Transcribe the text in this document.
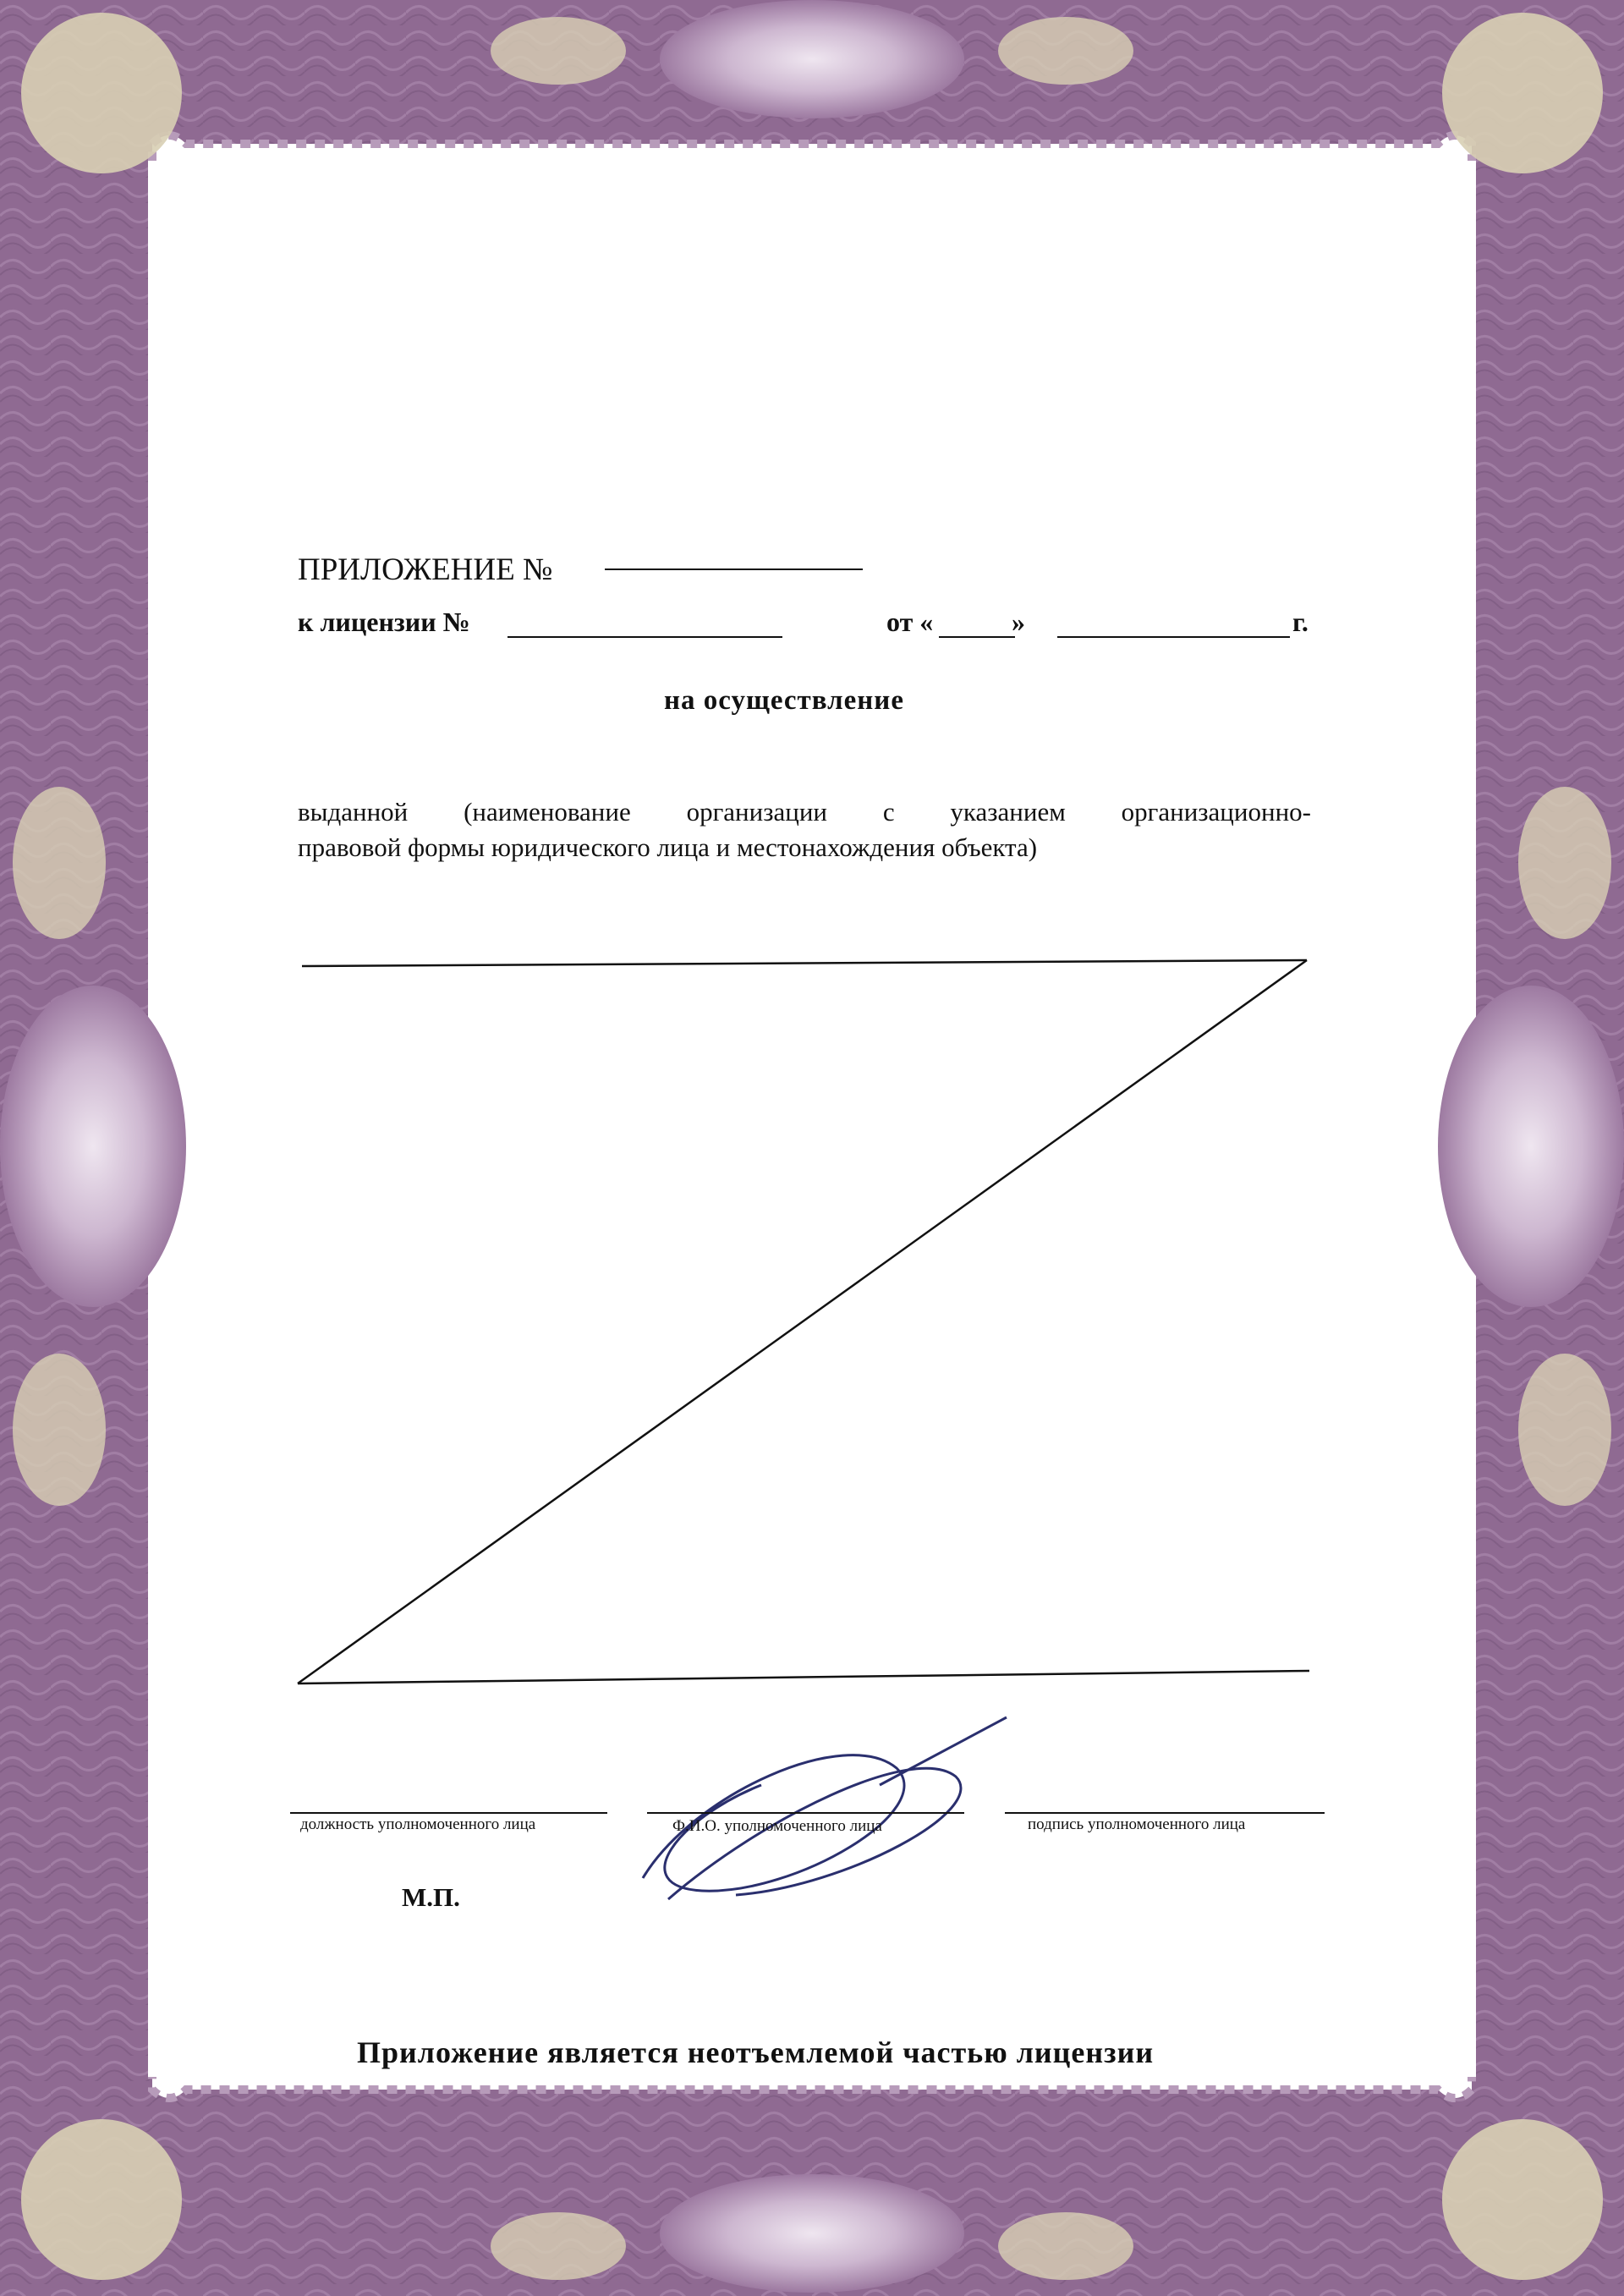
ПРИЛОЖЕНИЕ №
к лицензии №	от «	»	г.
на осуществление
выданной (наименование организации с указанием организационно-
правовой формы юридического лица и местонахождения объекта)
должность уполномоченного лица	Ф.И.О. уполномоченного лица	подпись уполномоченного лица
М.П.
Приложение является неотъемлемой частью лицензии
